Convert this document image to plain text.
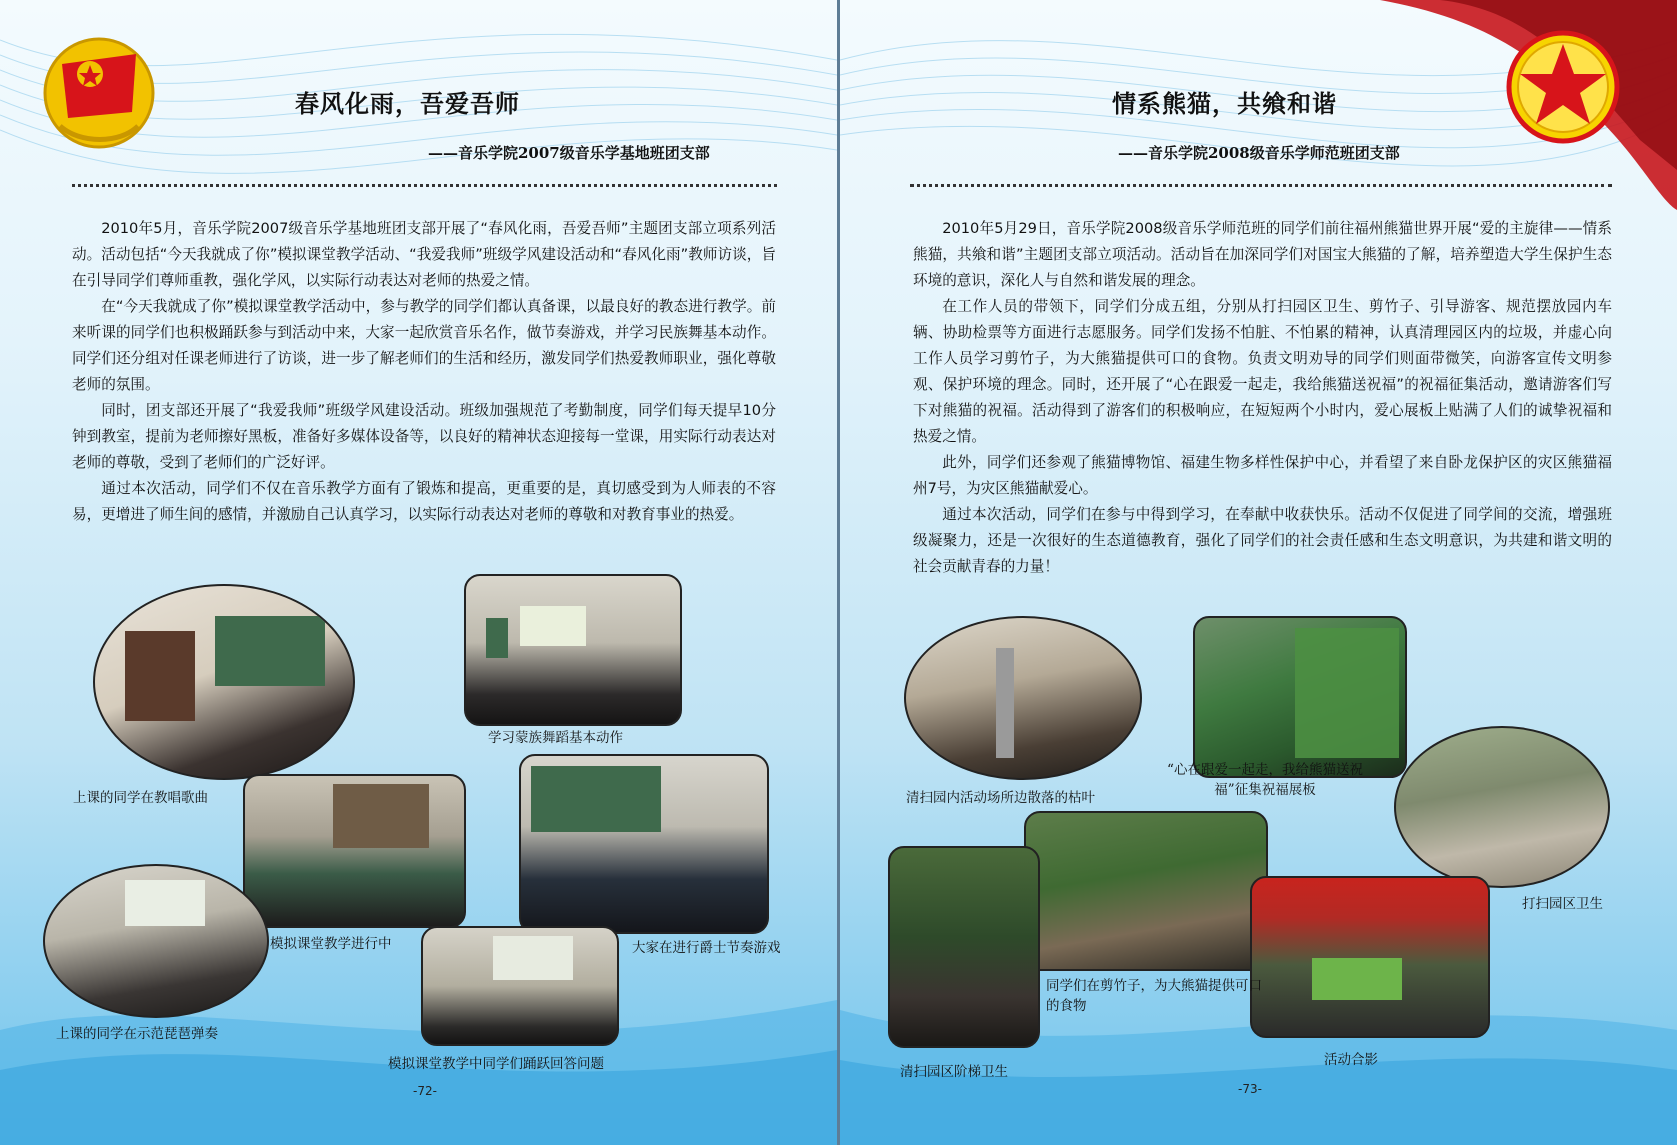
春风化雨，吾爱吾师
——音乐学院2007级音乐学基地班团支部

2010年5月，音乐学院2007级音乐学基地班团支部开展了“春风化雨，吾爱吾师”主题团支部立项系列活动。活动包括“今天我就成了你”模拟课堂教学活动、“我爱我师”班级学风建设活动和“春风化雨”教师访谈，旨在引导同学们尊师重教，强化学风，以实际行动表达对老师的热爱之情。

在“今天我就成了你”模拟课堂教学活动中，参与教学的同学们都认真备课，以最良好的教态进行教学。前来听课的同学们也积极踊跃参与到活动中来，大家一起欣赏音乐名作，做节奏游戏，并学习民族舞基本动作。同学们还分组对任课老师进行了访谈，进一步了解老师们的生活和经历，激发同学们热爱教师职业，强化尊敬老师的氛围。

同时，团支部还开展了“我爱我师”班级学风建设活动。班级加强规范了考勤制度，同学们每天提早10分钟到教室，提前为老师擦好黑板，准备好多媒体设备等，以良好的精神状态迎接每一堂课，用实际行动表达对老师的尊敬，受到了老师们的广泛好评。

通过本次活动，同学们不仅在音乐教学方面有了锻炼和提高，更重要的是，真切感受到为人师表的不容易，更增进了师生间的感情，并激励自己认真学习，以实际行动表达对老师的尊敬和对教育事业的热爱。

上课的同学在教唱歌曲
学习蒙族舞蹈基本动作
模拟课堂教学进行中	大家在进行爵士节奏游戏
上课的同学在示范琵琶弹奏
模拟课堂教学中同学们踊跃回答问题
-72-
情系熊猫，共飨和谐
——音乐学院2008级音乐学师范班团支部

2010年5月29日，音乐学院2008级音乐学师范班的同学们前往福州熊猫世界开展“爱的主旋律——情系熊猫，共飨和谐”主题团支部立项活动。活动旨在加深同学们对国宝大熊猫的了解，培养塑造大学生保护生态环境的意识，深化人与自然和谐发展的理念。

在工作人员的带领下，同学们分成五组，分别从打扫园区卫生、剪竹子、引导游客、规范摆放园内车辆、协助检票等方面进行志愿服务。同学们发扬不怕脏、不怕累的精神，认真清理园区内的垃圾，并虚心向工作人员学习剪竹子，为大熊猫提供可口的食物。负责文明劝导的同学们则面带微笑，向游客宣传文明参观、保护环境的理念。同时，还开展了“心在跟爱一起走，我给熊猫送祝福”的祝福征集活动，邀请游客们写下对熊猫的祝福。活动得到了游客们的积极响应，在短短两个小时内，爱心展板上贴满了人们的诚挚祝福和热爱之情。

此外，同学们还参观了熊猫博物馆、福建生物多样性保护中心，并看望了来自卧龙保护区的灾区熊猫福州7号，为灾区熊猫献爱心。

通过本次活动，同学们在参与中得到学习，在奉献中收获快乐。活动不仅促进了同学间的交流，增强班级凝聚力，还是一次很好的生态道德教育，强化了同学们的社会责任感和生态文明意识，为共建和谐文明的社会贡献青春的力量！

清扫园内活动场所边散落的枯叶
“心在跟爱一起走，我给熊猫送祝福”征集祝福展板
打扫园区卫生
同学们在剪竹子，为大熊猫提供可口的食物
清扫园区阶梯卫生
活动合影
-73-
